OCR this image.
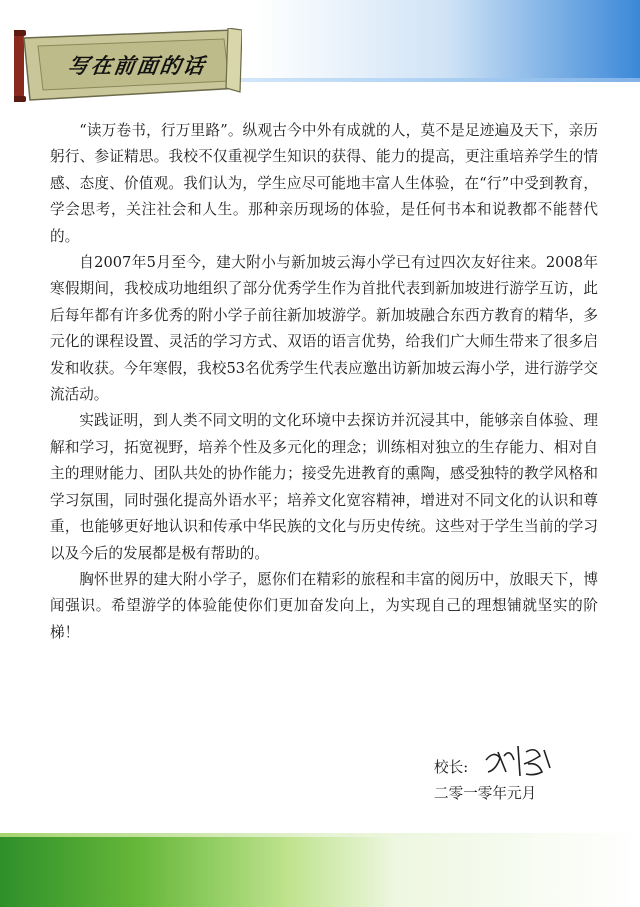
写在前面的话

“读万卷书，行万里路”。纵观古今中外有成就的人，莫不是足迹遍及天下，亲历躬行、参证精思。我校不仅重视学生知识的获得、能力的提高，更注重培养学生的情感、态度、价值观。我们认为，学生应尽可能地丰富人生体验，在“行”中受到教育，学会思考，关注社会和人生。那种亲历现场的体验，是任何书本和说教都不能替代的。

自2007年5月至今，建大附小与新加坡云海小学已有过四次友好往来。2008年寒假期间，我校成功地组织了部分优秀学生作为首批代表到新加坡进行游学互访，此后每年都有许多优秀的附小学子前往新加坡游学。新加坡融合东西方教育的精华，多元化的课程设置、灵活的学习方式、双语的语言优势，给我们广大师生带来了很多启发和收获。今年寒假，我校53名优秀学生代表应邀出访新加坡云海小学，进行游学交流活动。

实践证明，到人类不同文明的文化环境中去探访并沉浸其中，能够亲自体验、理解和学习，拓宽视野，培养个性及多元化的理念；训练相对独立的生存能力、相对自主的理财能力、团队共处的协作能力；接受先进教育的熏陶，感受独特的教学风格和学习氛围，同时强化提高外语水平；培养文化宽容精神，增进对不同文化的认识和尊重，也能够更好地认识和传承中华民族的文化与历史传统。这些对于学生当前的学习以及今后的发展都是极有帮助的。

胸怀世界的建大附小学子，愿你们在精彩的旅程和丰富的阅历中，放眼天下，博闻强识。希望游学的体验能使你们更加奋发向上，为实现自己的理想铺就坚实的阶梯！

校长:
二零一零年元月
